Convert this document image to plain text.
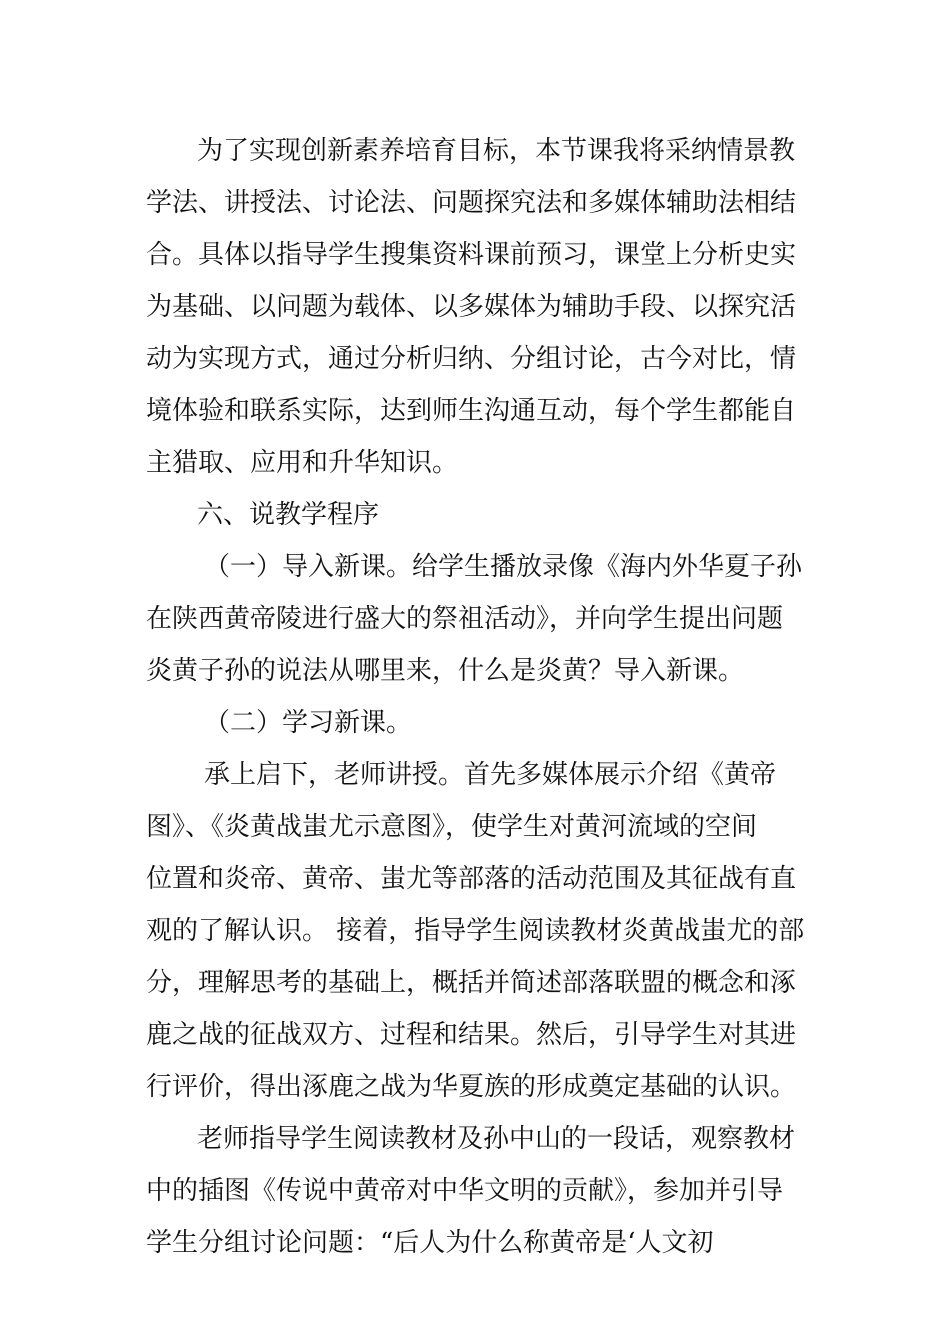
为了实现创新素养培育目标，本节课我将采纳情景教
学法、讲授法、讨论法、问题探究法和多媒体辅助法相结
合。具体以指导学生搜集资料课前预习，课堂上分析史实
为基础、以问题为载体、以多媒体为辅助手段、以探究活
动为实现方式，通过分析归纳、分组讨论，古今对比，情
境体验和联系实际，达到师生沟通互动，每个学生都能自
主猎取、应用和升华知识。
六、说教学程序
（一）导入新课。给学生播放录像《海内外华夏子孙
在陕西黄帝陵进行盛大的祭祖活动》，并向学生提出问题
炎黄子孙的说法从哪里来，什么是炎黄？导入新课。
（二）学习新课。
承上启下，老师讲授。首先多媒体展示介绍《黄帝
图》、《炎黄战蚩尤示意图》，使学生对黄河流域的空间
位置和炎帝、黄帝、蚩尤等部落的活动范围及其征战有直
观的了解认识。 接着，指导学生阅读教材炎黄战蚩尤的部
分，理解思考的基础上，概括并简述部落联盟的概念和涿
鹿之战的征战双方、过程和结果。然后，引导学生对其进
行评价，得出涿鹿之战为华夏族的形成奠定基础的认识。
老师指导学生阅读教材及孙中山的一段话，观察教材
中的插图《传说中黄帝对中华文明的贡献》，参加并引导
学生分组讨论问题：“后人为什么称黄帝是‘人文初
